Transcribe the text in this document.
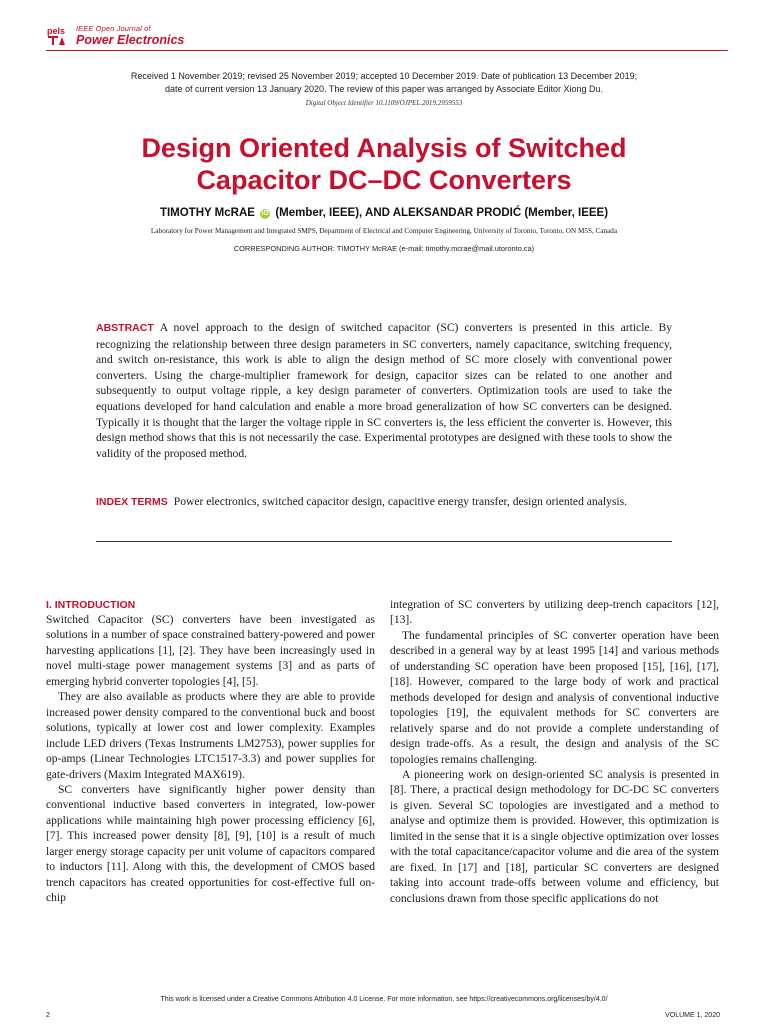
pels IEEE Open Journal of
Power Electronics
Received 1 November 2019; revised 25 November 2019; accepted 10 December 2019. Date of publication 13 December 2019;
date of current version 13 January 2020. The review of this paper was arranged by Associate Editor Xiong Du.
Digital Object Identifier 10.1109/OJPEL.2019.2959553
Design Oriented Analysis of Switched
Capacitor DC–DC Converters
TIMOTHY McRAE iD (Member, IEEE), AND ALEKSANDAR PRODIĆ (Member, IEEE)
Laboratory for Power Management and Integrated SMPS, Department of Electrical and Computer Engineering, University of Toronto, Toronto, ON M5S, Canada
CORRESPONDING AUTHOR: TIMOTHY McRAE (e-mail: timothy.mcrae@mail.utoronto.ca)
ABSTRACT A novel approach to the design of switched capacitor (SC) converters is presented in this article. By recognizing the relationship between three design parameters in SC converters, namely capacitance, switching frequency, and switch on-resistance, this work is able to align the design method of SC more closely with conventional power converters. Using the charge-multiplier framework for design, capacitor sizes can be related to one another and subsequently to output voltage ripple, a key design parameter of converters. Optimization tools are used to take the equations developed for hand calculation and enable a more broad generalization of how SC converters can be designed. Typically it is thought that the larger the voltage ripple in SC converters is, the less efficient the converter is. However, this design method shows that this is not necessarily the case. Experimental prototypes are designed with these tools to show the validity of the proposed method.
INDEX TERMS Power electronics, switched capacitor design, capacitive energy transfer, design oriented analysis.
I. INTRODUCTION

Switched Capacitor (SC) converters have been investigated as solutions in a number of space constrained battery-powered and power harvesting applications [1], [2]. They have been increasingly used in novel multi-stage power management systems [3] and as parts of emerging hybrid converter topologies [4], [5].

They are also available as products where they are able to provide increased power density compared to the conventional buck and boost solutions, typically at lower cost and lower complexity. Examples include LED drivers (Texas Instruments LM2753), power supplies for op-amps (Linear Technologies LTC1517-3.3) and power supplies for gate-drivers (Maxim Integrated MAX619).

SC converters have significantly higher power density than conventional inductive based converters in integrated, low-power applications while maintaining high power processing efficiency [6], [7]. This increased power density [8], [9], [10] is a result of much larger energy storage capacity per unit volume of capacitors compared to inductors [11]. Along with this, the development of CMOS based trench capacitors has created opportunities for cost-effective full on-chip

integration of SC converters by utilizing deep-trench capacitors [12], [13].

The fundamental principles of SC converter operation have been described in a general way by at least 1995 [14] and various methods of understanding SC operation have been proposed [15], [16], [17], [18]. However, compared to the large body of work and practical methods developed for design and analysis of conventional inductive topologies [19], the equivalent methods for SC converters are relatively sparse and do not provide a complete understanding of design trade-offs. As a result, the design and analysis of the SC topologies remains challenging.

A pioneering work on design-oriented SC analysis is presented in [8]. There, a practical design methodology for DC-DC SC converters is given. Several SC topologies are investigated and a method to analyse and optimize them is provided. However, this optimization is limited in the sense that it is a single objective optimization over losses with the total capacitance/capacitor volume and die area of the system are fixed. In [17] and [18], particular SC converters are designed taking into account trade-offs between volume and efficiency, but conclusions drawn from those specific applications do not

This work is licensed under a Creative Commons Attribution 4.0 License. For more information, see https://creativecommons.org/licenses/by/4.0/
2	VOLUME 1, 2020
